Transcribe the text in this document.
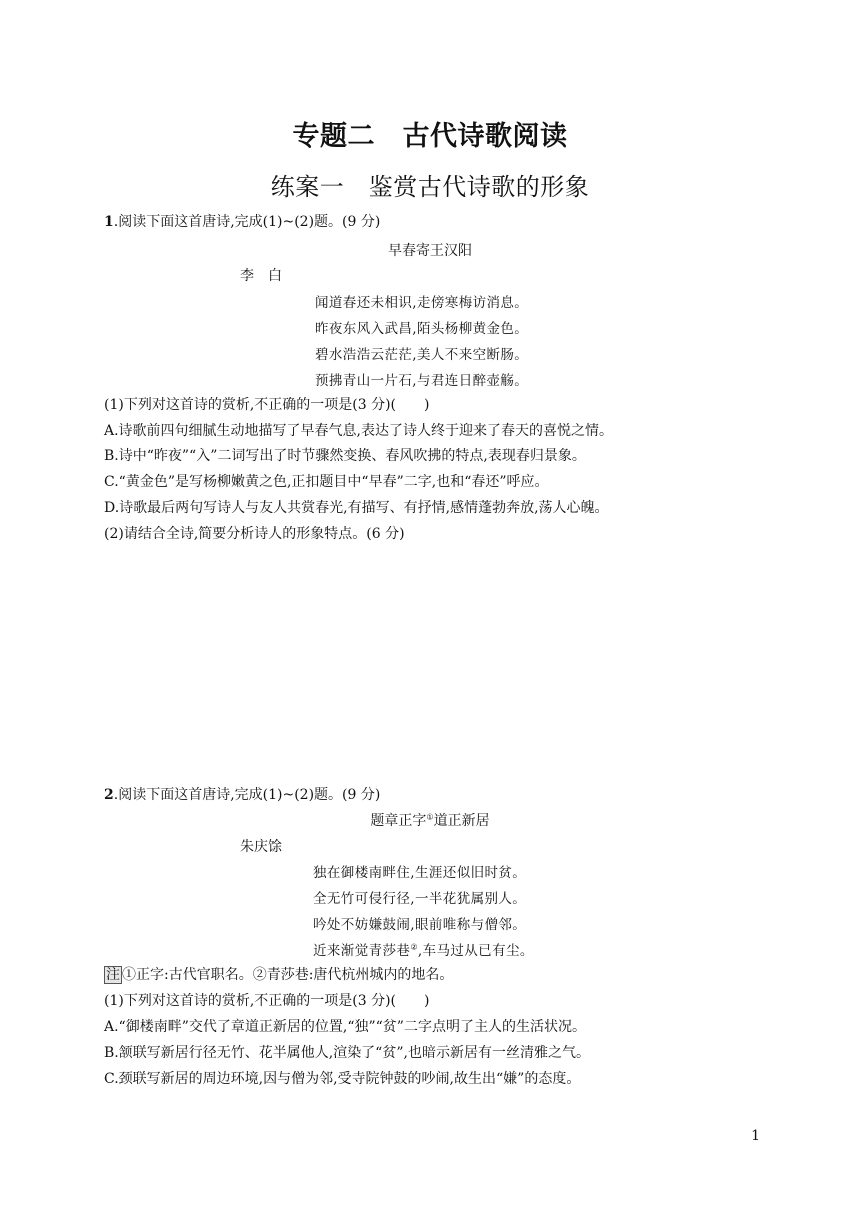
专题二　古代诗歌阅读
练案一　鉴赏古代诗歌的形象
1.阅读下面这首唐诗,完成(1)~(2)题。(9 分)
早春寄王汉阳
李　白
闻道春还未相识,走傍寒梅访消息。
昨夜东风入武昌,陌头杨柳黄金色。
碧水浩浩云茫茫,美人不来空断肠。
预拂青山一片石,与君连日醉壶觞。
(1)下列对这首诗的赏析,不正确的一项是(3 分)(　　)
A.诗歌前四句细腻生动地描写了早春气息,表达了诗人终于迎来了春天的喜悦之情。
B.诗中“昨夜”“入”二词写出了时节骤然变换、春风吹拂的特点,表现春归景象。
C.“黄金色”是写杨柳嫩黄之色,正扣题目中“早春”二字,也和“春还”呼应。
D.诗歌最后两句写诗人与友人共赏春光,有描写、有抒情,感情蓬勃奔放,荡人心魄。
(2)请结合全诗,简要分析诗人的形象特点。(6 分)
2.阅读下面这首唐诗,完成(1)~(2)题。(9 分)
题章正字①道正新居
朱庆馀
独在御楼南畔住,生涯还似旧时贫。
全无竹可侵行径,一半花犹属别人。
吟处不妨嫌鼓闹,眼前唯称与僧邻。
近来渐觉青莎巷②,车马过从已有尘。
注 ①正字:古代官职名。②青莎巷:唐代杭州城内的地名。
(1)下列对这首诗的赏析,不正确的一项是(3 分)(　　)
A.“御楼南畔”交代了章道正新居的位置,“独”“贫”二字点明了主人的生活状况。
B.颔联写新居行径无竹、花半属他人,渲染了“贫”,也暗示新居有一丝清雅之气。
C.颈联写新居的周边环境,因与僧为邻,受寺院钟鼓的吵闹,故生出“嫌”的态度。
1
